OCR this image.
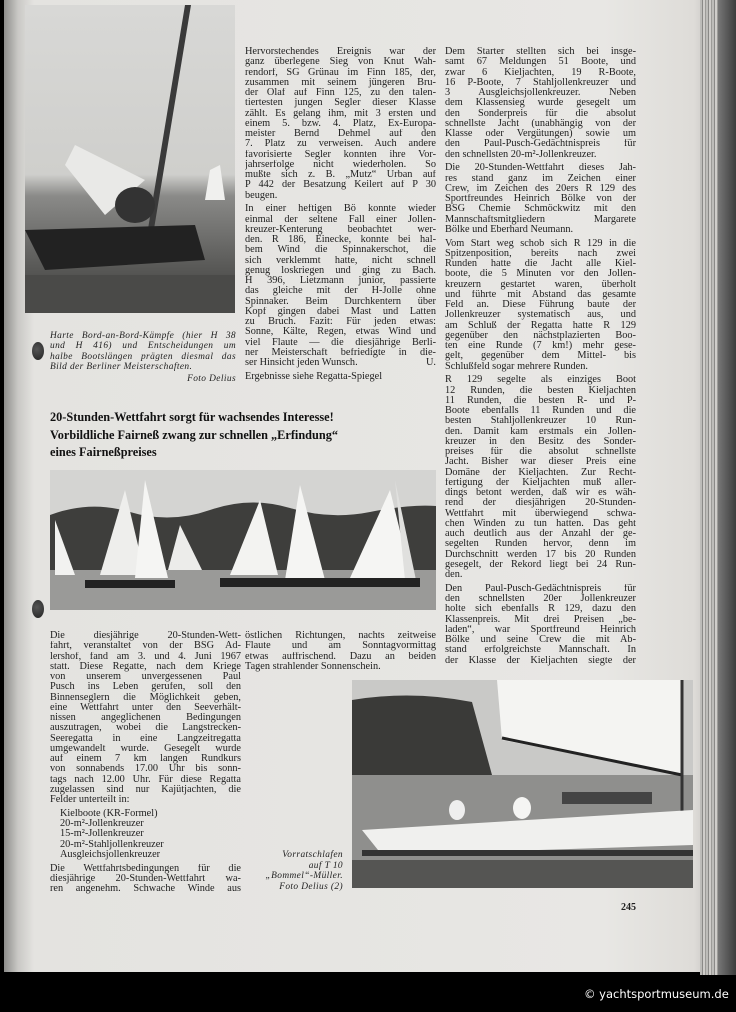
Harte Bord-an-Bord-Kämpfe (hier H 38
und H 416) und Entscheidungen um
halbe Bootslängen prägten diesmal das
Bild der Berliner Meisterschaften.
Foto Delius
Hervorstechendes Ereignis war der
ganz überlegene Sieg von Knut Wah-
rendorf, SG Grünau im Finn 185, der,
zusammen mit seinem jüngeren Bru-
der Olaf auf Finn 125, zu den talen-
tiertesten jungen Segler dieser Klasse
zählt. Es gelang ihm, mit 3 ersten und
einem 5. bzw. 4. Platz, Ex-Europa-
meister Bernd Dehmel auf den
7. Platz zu verweisen. Auch andere
favorisierte Segler konnten ihre Vor-
jahrserfolge nicht wiederholen. So
mußte sich z. B. „Mutz“ Urban auf
P 442 der Besatzung Keilert auf P 30
beugen.
In einer heftigen Bö konnte wieder
einmal der seltene Fall einer Jollen-
kreuzer-Kenterung beobachtet wer-
den. R 186, Einecke, konnte bei hal-
bem Wind die Spinnakerschot, die
sich verklemmt hatte, nicht schnell
genug loskriegen und ging zu Bach.
H 396, Lietzmann junior, passierte
das gleiche mit der H-Jolle ohne
Spinnaker. Beim Durchkentern über
Kopf gingen dabei Mast und Latten
zu Bruch. Fazit: Für jeden etwas:
Sonne, Kälte, Regen, etwas Wind und
viel Flaute — die diesjährige Berli-
ner Meisterschaft befriedigte in die-
ser Hinsicht jeden Wunsch.	U.
Ergebnisse siehe Regatta-Spiegel
Dem Starter stellten sich bei insge-
samt 67 Meldungen 51 Boote, und
zwar 6 Kieljachten, 19 R-Boote,
16 P-Boote, 7 Stahljollenkreuzer und
3 Ausgleichsjollenkreuzer. Neben
dem Klassensieg wurde gesegelt um
den Sonderpreis für die absolut
schnellste Jacht (unabhängig von der
Klasse oder Vergütungen) sowie um
den Paul-Pusch-Gedächtnispreis für
den schnellsten 20-m²-Jollenkreuzer.
Die 20-Stunden-Wettfahrt dieses Jah-
res stand ganz im Zeichen einer
Crew, im Zeichen des 20ers R 129 des
Sportfreundes Heinrich Bölke von der
BSG Chemie Schmöckwitz mit den
Mannschaftsmitgliedern Margarete
Bölke und Eberhard Neumann.
Vom Start weg schob sich R 129 in die
Spitzenposition, bereits nach zwei
Runden hatte die Jacht alle Kiel-
boote, die 5 Minuten vor den Jollen-
kreuzern gestartet waren, überholt
und führte mit Abstand das gesamte
Feld an. Diese Führung baute der
Jollenkreuzer systematisch aus, und
am Schluß der Regatta hatte R 129
gegenüber den nächstplazierten Boo-
ten eine Runde (7 km!) mehr gese-
gelt, gegenüber dem Mittel- bis
Schlußfeld sogar mehrere Runden.
R 129 segelte als einziges Boot
12 Runden, die besten Kieljachten
11 Runden, die besten R- und P-
Boote ebenfalls 11 Runden und die
besten Stahljollenkreuzer 10 Run-
den. Damit kam erstmals ein Jollen-
kreuzer in den Besitz des Sonder-
preises für die absolut schnellste
Jacht. Bisher war dieser Preis eine
Domäne der Kieljachten. Zur Recht-
fertigung der Kieljachten muß aller-
dings betont werden, daß wir es wäh-
rend der diesjährigen 20-Stunden-
Wettfahrt mit überwiegend schwa-
chen Winden zu tun hatten. Das geht
auch deutlich aus der Anzahl der ge-
segelten Runden hervor, denn im
Durchschnitt werden 17 bis 20 Runden
gesegelt, der Rekord liegt bei 24 Run-
den.
Den Paul-Pusch-Gedächtnispreis für
den schnellsten 20er Jollenkreuzer
holte sich ebenfalls R 129, dazu den
Klassenpreis. Mit drei Preisen „be-
laden“, war Sportfreund Heinrich
Bölke und seine Crew die mit Ab-
stand erfolgreichste Mannschaft. In
der Klasse der Kieljachten siegte der
20-Stunden-Wettfahrt sorgt für wachsendes Interesse!
Vorbildliche Fairneß zwang zur schnellen „Erfindung“
eines Fairneßpreises
Die diesjährige 20-Stunden-Wett-
fahrt, veranstaltet von der BSG Ad-
lershof, fand am 3. und 4. Juni 1967
statt. Diese Regatte, nach dem Kriege
von unserem unvergessenen Paul
Pusch ins Leben gerufen, soll den
Binnenseglern die Möglichkeit geben,
eine Wettfahrt unter den Seeverhält-
nissen angeglichenen Bedingungen
auszutragen, wobei die Langstrecken-
Seeregatta in eine Langzeitregatta
umgewandelt wurde. Gesegelt wurde
auf einem 7 km langen Rundkurs
von sonnabends 17.00 Uhr bis sonn-
tags nach 12.00 Uhr. Für diese Regatta
zugelassen sind nur Kajütjachten, die
Felder unterteilt in:
Kielboote (KR-Formel)
20-m²-Jollenkreuzer
15-m²-Jollenkreuzer
20-m²-Stahljollenkreuzer
Ausgleichsjollenkreuzer
Die Wettfahrtsbedingungen für die
diesjährige 20-Stunden-Wettfahrt wa-
ren angenehm. Schwache Winde aus
östlichen Richtungen, nachts zeitweise
Flaute und am Sonntagvormittag
etwas auffrischend. Dazu an beiden
Tagen strahlender Sonnenschein.
Vorratschlafen
auf T 10
„Bommel“-Müller.
Foto Delius (2)
245
© yachtsportmuseum.de
